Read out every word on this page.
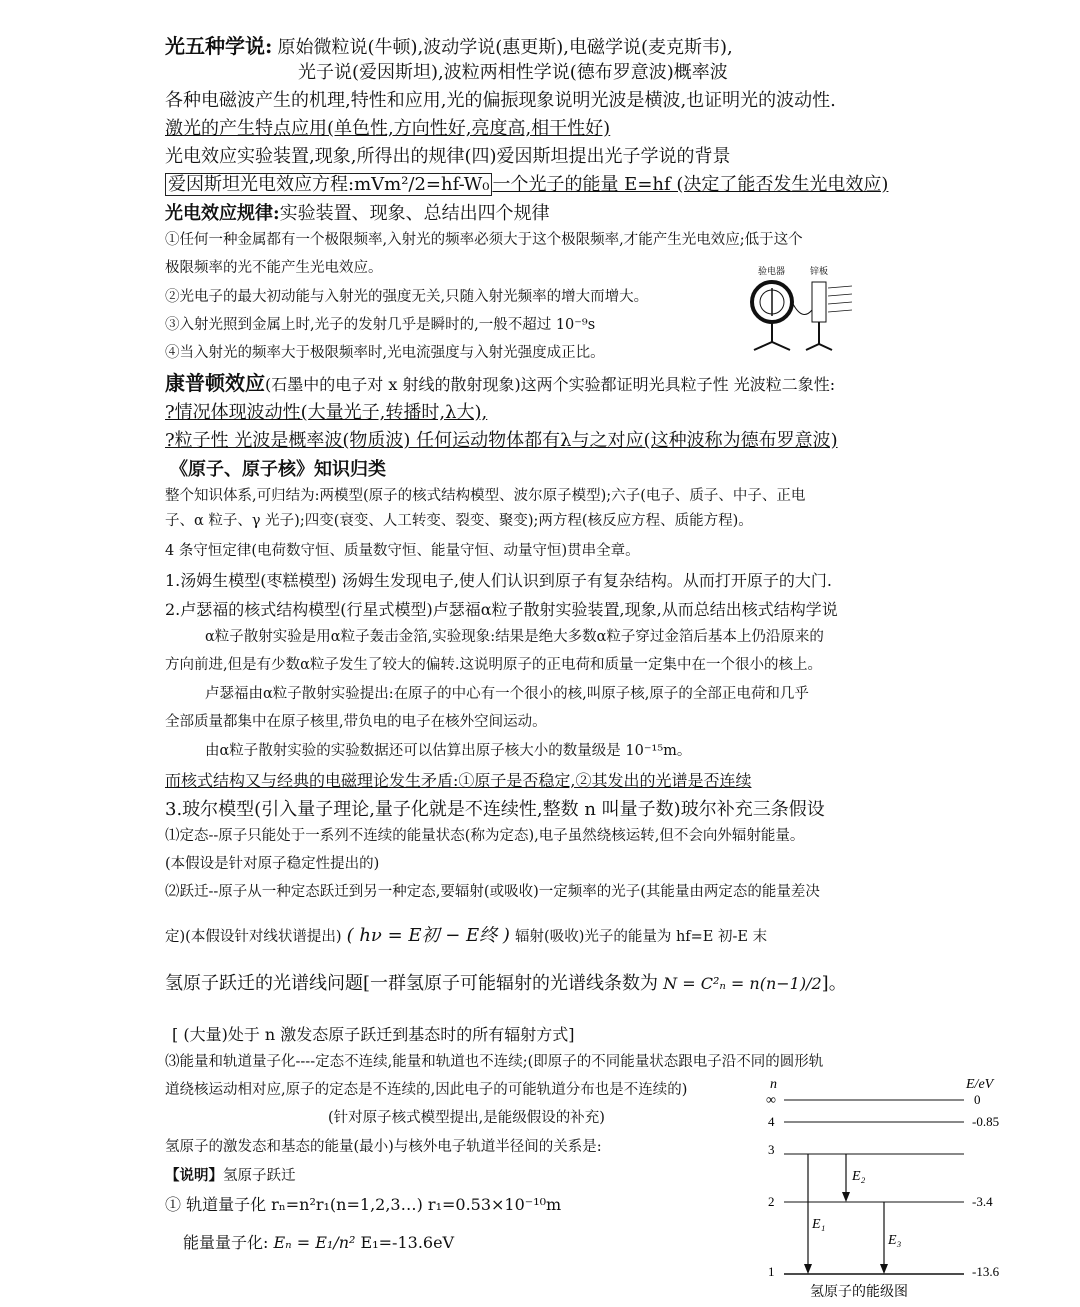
光五种学说: 原始微粒说(牛顿),波动学说(惠更斯),电磁学说(麦克斯韦),
光子说(爱因斯坦),波粒两相性学说(德布罗意波)概率波
各种电磁波产生的机理,特性和应用,光的偏振现象说明光波是横波,也证明光的波动性.
激光的产生特点应用(单色性,方向性好,亮度高,相干性好)
光电效应实验装置,现象,所得出的规律(四)爱因斯坦提出光子学说的背景
爱因斯坦光电效应方程:mVm²/2=hf-W₀ 一个光子的能量 E=hf (决定了能否发生光电效应)
光电效应规律:实验装置、现象、总结出四个规律
①任何一种金属都有一个极限频率,入射光的频率必须大于这个极限频率,才能产生光电效应;低于这个
极限频率的光不能产生光电效应。
②光电子的最大初动能与入射光的强度无关,只随入射光频率的增大而增大。
③入射光照到金属上时,光子的发射几乎是瞬时的,一般不超过 10⁻⁹s
④当入射光的频率大于极限频率时,光电流强度与入射光强度成正比。
验电器	锌板
康普顿效应(石墨中的电子对 x 射线的散射现象)这两个实验都证明光具粒子性 光波粒二象性:
?情况体现波动性(大量光子,转播时,λ大),
?粒子性 光波是概率波(物质波) 任何运动物体都有λ与之对应(这种波称为德布罗意波)
《原子、原子核》知识归类
整个知识体系,可归结为:两模型(原子的核式结构模型、波尔原子模型);六子(电子、质子、中子、正电
子、α 粒子、γ 光子);四变(衰变、人工转变、裂变、聚变);两方程(核反应方程、质能方程)。
4 条守恒定律(电荷数守恒、质量数守恒、能量守恒、动量守恒)贯串全章。
1.汤姆生模型(枣糕模型) 汤姆生发现电子,使人们认识到原子有复杂结构。从而打开原子的大门.
2.卢瑟福的核式结构模型(行星式模型)卢瑟福α粒子散射实验装置,现象,从而总结出核式结构学说
α粒子散射实验是用α粒子轰击金箔,实验现象:结果是绝大多数α粒子穿过金箔后基本上仍沿原来的
方向前进,但是有少数α粒子发生了较大的偏转.这说明原子的正电荷和质量一定集中在一个很小的核上。
卢瑟福由α粒子散射实验提出:在原子的中心有一个很小的核,叫原子核,原子的全部正电荷和几乎
全部质量都集中在原子核里,带负电的电子在核外空间运动。
由α粒子散射实验的实验数据还可以估算出原子核大小的数量级是 10⁻¹⁵m。
而核式结构又与经典的电磁理论发生矛盾:①原子是否稳定,②其发出的光谱是否连续
3.玻尔模型(引入量子理论,量子化就是不连续性,整数 n 叫量子数)玻尔补充三条假设
⑴定态--原子只能处于一系列不连续的能量状态(称为定态),电子虽然绕核运转,但不会向外辐射能量。
(本假设是针对原子稳定性提出的)
⑵跃迁--原子从一种定态跃迁到另一种定态,要辐射(或吸收)一定频率的光子(其能量由两定态的能量差决
定)(本假设针对线状谱提出) ( hν = E初 − E终 ) 辐射(吸收)光子的能量为 hf=E 初-E 末
氢原子跃迁的光谱线问题[一群氢原子可能辐射的光谱线条数为 N = C²ₙ = n(n−1)/2]。
[ (大量)处于 n 激发态原子跃迁到基态时的所有辐射方式]
⑶能量和轨道量子化----定态不连续,能量和轨道也不连续;(即原子的不同能量状态跟电子沿不同的圆形轨
道绕核运动相对应,原子的定态是不连续的,因此电子的可能轨道分布也是不连续的)
(针对原子核式模型提出,是能级假设的补充)
氢原子的激发态和基态的能量(最小)与核外电子轨道半径间的关系是:
【说明】氢原子跃迁
① 轨道量子化 rₙ=n²r₁(n=1,2,3…) r₁=0.53×10⁻¹⁰m
能量量子化: Eₙ = E₁/n² E₁=-13.6eV
n	E/eV
∞	0
4	-0.85
3
2	-3.4
1	-13.6
E₁
E₂
E₃
氢原子的能级图
